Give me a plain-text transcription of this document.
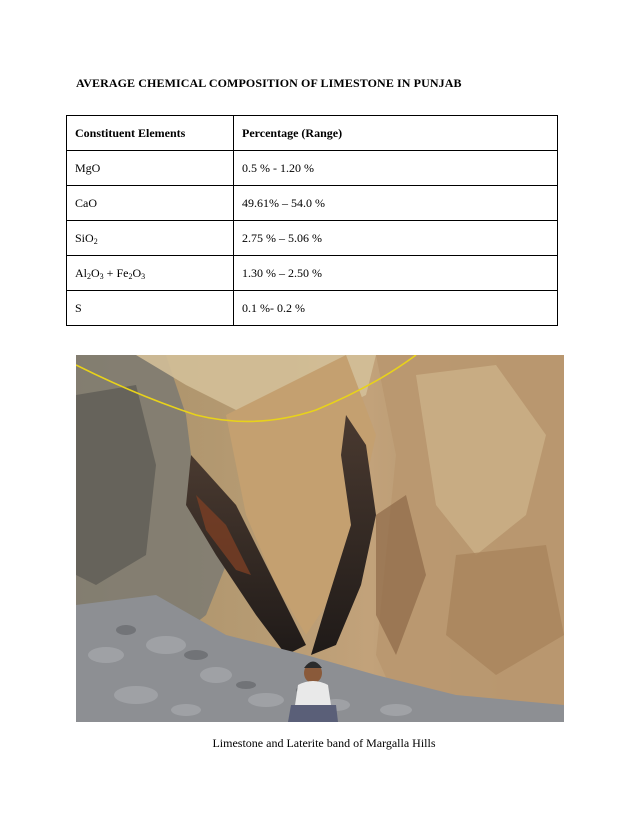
AVERAGE CHEMICAL COMPOSITION OF LIMESTONE IN PUNJAB
Constituent Elements	Percentage (Range)
MgO	0.5 % - 1.20 %
CaO	49.61% – 54.0 %
SiO$_2$	2.75 % – 5.06 %
$Al_2O_3 + Fe_2O_3$	1.30 % – 2.50 %
S	0.1 %- 0.2 %
Limestone and Laterite band of Margalla Hills
